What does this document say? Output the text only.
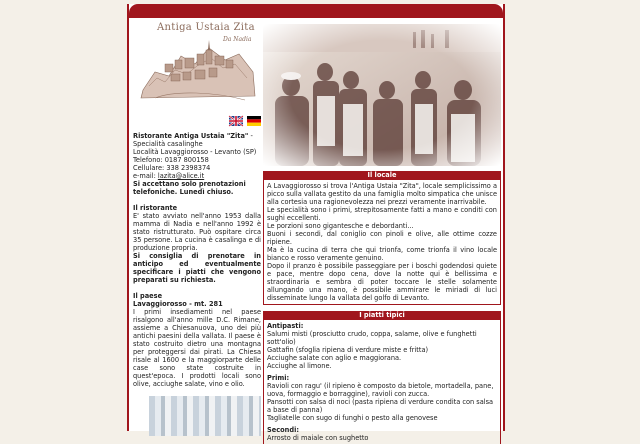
Antiga Ustaia Zita
Da Nadia
Ristorante Antiga Ustaia "Zita" - Specialità casalinghe
Località Lavaggiorosso - Levanto (SP)
Telefono: 0187 800158
Cellulare: 338 2398374
e-mail: lazita@alice.it
Si accettano solo prenotazioni telefoniche. Lunedì chiuso.
Il ristorante
E' stato avviato nell'anno 1953 dalla mamma di Nadia e nell'anno 1992 è stato ristrutturato. Può ospitare circa 35 persone. La cucina è casalinga e di produzione propria.
Si consiglia di prenotare in anticipo ed eventualmente specificare i piatti che vengono preparati su richiesta.
Il paese
Lavaggiorosso - mt. 281
I primi insediamenti nel paese risalgono all'anno mille D.C. Rimane, assieme a Chiesanuova, uno dei più antichi paesini della vallata. Il paese è stato costruito dietro una montagna per proteggersi dai pirati. La Chiesa risale al 1600 e la maggiorparte delle case sono state costruite in quest'epoca. I prodotti locali sono olive, acciughe salate, vino e olio.
Il locale

A Lavaggiorosso si trova l'Antiga Ustaia "Zita", locale semplicissimo a picco sulla vallata gestito da una famiglia molto simpatica che unisce alla cortesia una ragionevolezza nei prezzi veramente inarrivabile.

Le specialità sono i primi, strepitosamente fatti a mano e conditi con sughi eccellenti.

Le porzioni sono gigantesche e debordanti...

Buoni i secondi, dal coniglio con pinoli e olive, alle ottime cozze ripiene.

Ma è la cucina di terra che qui trionfa, come trionfa il vino locale bianco e rosso veramente genuino.

Dopo il pranzo è possibile passeggiare per i boschi godendosi quiete e pace, mentre dopo cena, dove la notte qui è bellissima e straordinaria e sembra di poter toccare le stelle solamente allungando una mano, è possibile ammirare le miriadi di luci disseminate lungo la vallata del golfo di Levanto.

I piatti tipici
Antipasti:
Salumi misti (prosciutto crudo, coppa, salame, olive e funghetti sott'olio)
Gattafin (sfoglia ripiena di verdure miste e fritta)
Acciughe salate con aglio e maggiorana.
Acciughe al limone.
Primi:
Ravioli con ragu' (il ripieno è composto da bietole, mortadella, pane, uova, formaggio e borraggine), ravioli con zucca.
Pansotti con salsa di noci (pasta ripiena di verdure condita con salsa a base di panna)
Tagliatelle con sugo di funghi o pesto alla genovese
Secondi:
Arrosto di maiale con sughetto
